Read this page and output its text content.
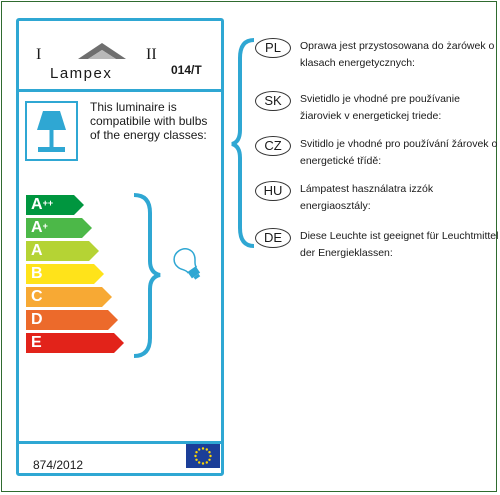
I
Lampex
II
014/T
This luminaire is compatibile with bulbs of the energy classes:
A++
A+
A
B
C
D
E
874/2012
PL	Oprawa jest przystosowana do żarówek o klasach energetycznych:
SK	Svietidlo je vhodné pre používanie žiaroviek v energetickej triede:
CZ	Svitidlo je vhodné pro používání žárovek o energetické třídě:
HU	Lámpatest használatra izzók energiaosztály:
DE	Diese Leuchte ist geeignet für Leuchtmittel der Energieklassen:
